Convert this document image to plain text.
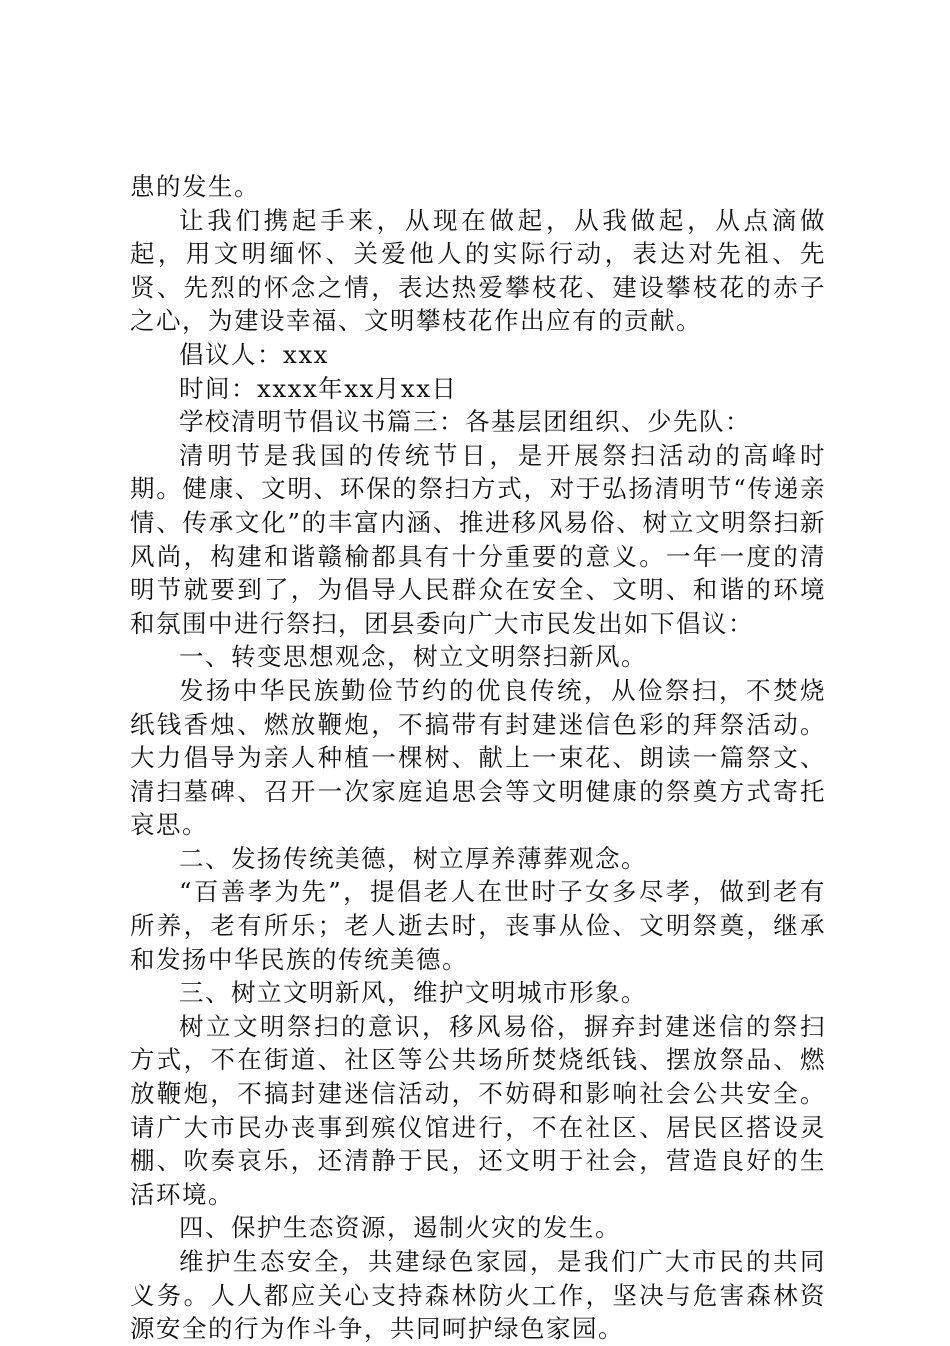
患的发生。

让我们携起手来，从现在做起，从我做起，从点滴做起，用文明缅怀、关爱他人的实际行动，表达对先祖、先贤、先烈的怀念之情，表达热爱攀枝花、建设攀枝花的赤子之心，为建设幸福、文明攀枝花作出应有的贡献。

倡议人：xxx

时间：xxxx年xx月xx日

学校清明节倡议书篇三：各基层团组织、少先队：

清明节是我国的传统节日，是开展祭扫活动的高峰时期。健康、文明、环保的祭扫方式，对于弘扬清明节“传递亲情、传承文化”的丰富内涵、推进移风易俗、树立文明祭扫新风尚，构建和谐赣榆都具有十分重要的意义。一年一度的清明节就要到了，为倡导人民群众在安全、文明、和谐的环境和氛围中进行祭扫，团县委向广大市民发出如下倡议：

一、转变思想观念，树立文明祭扫新风。

发扬中华民族勤俭节约的优良传统，从俭祭扫，不焚烧纸钱香烛、燃放鞭炮，不搞带有封建迷信色彩的拜祭活动。大力倡导为亲人种植一棵树、献上一束花、朗读一篇祭文、清扫墓碑、召开一次家庭追思会等文明健康的祭奠方式寄托哀思。

二、发扬传统美德，树立厚养薄葬观念。

“百善孝为先”，提倡老人在世时子女多尽孝，做到老有所养，老有所乐；老人逝去时，丧事从俭、文明祭奠，继承和发扬中华民族的传统美德。

三、树立文明新风，维护文明城市形象。

树立文明祭扫的意识，移风易俗，摒弃封建迷信的祭扫方式，不在街道、社区等公共场所焚烧纸钱、摆放祭品、燃放鞭炮，不搞封建迷信活动，不妨碍和影响社会公共安全。请广大市民办丧事到殡仪馆进行，不在社区、居民区搭设灵棚、吹奏哀乐，还清静于民，还文明于社会，营造良好的生活环境。

四、保护生态资源，遏制火灾的发生。

维护生态安全，共建绿色家园，是我们广大市民的共同义务。人人都应关心支持森林防火工作，坚决与危害森林资源安全的行为作斗争，共同呵护绿色家园。
